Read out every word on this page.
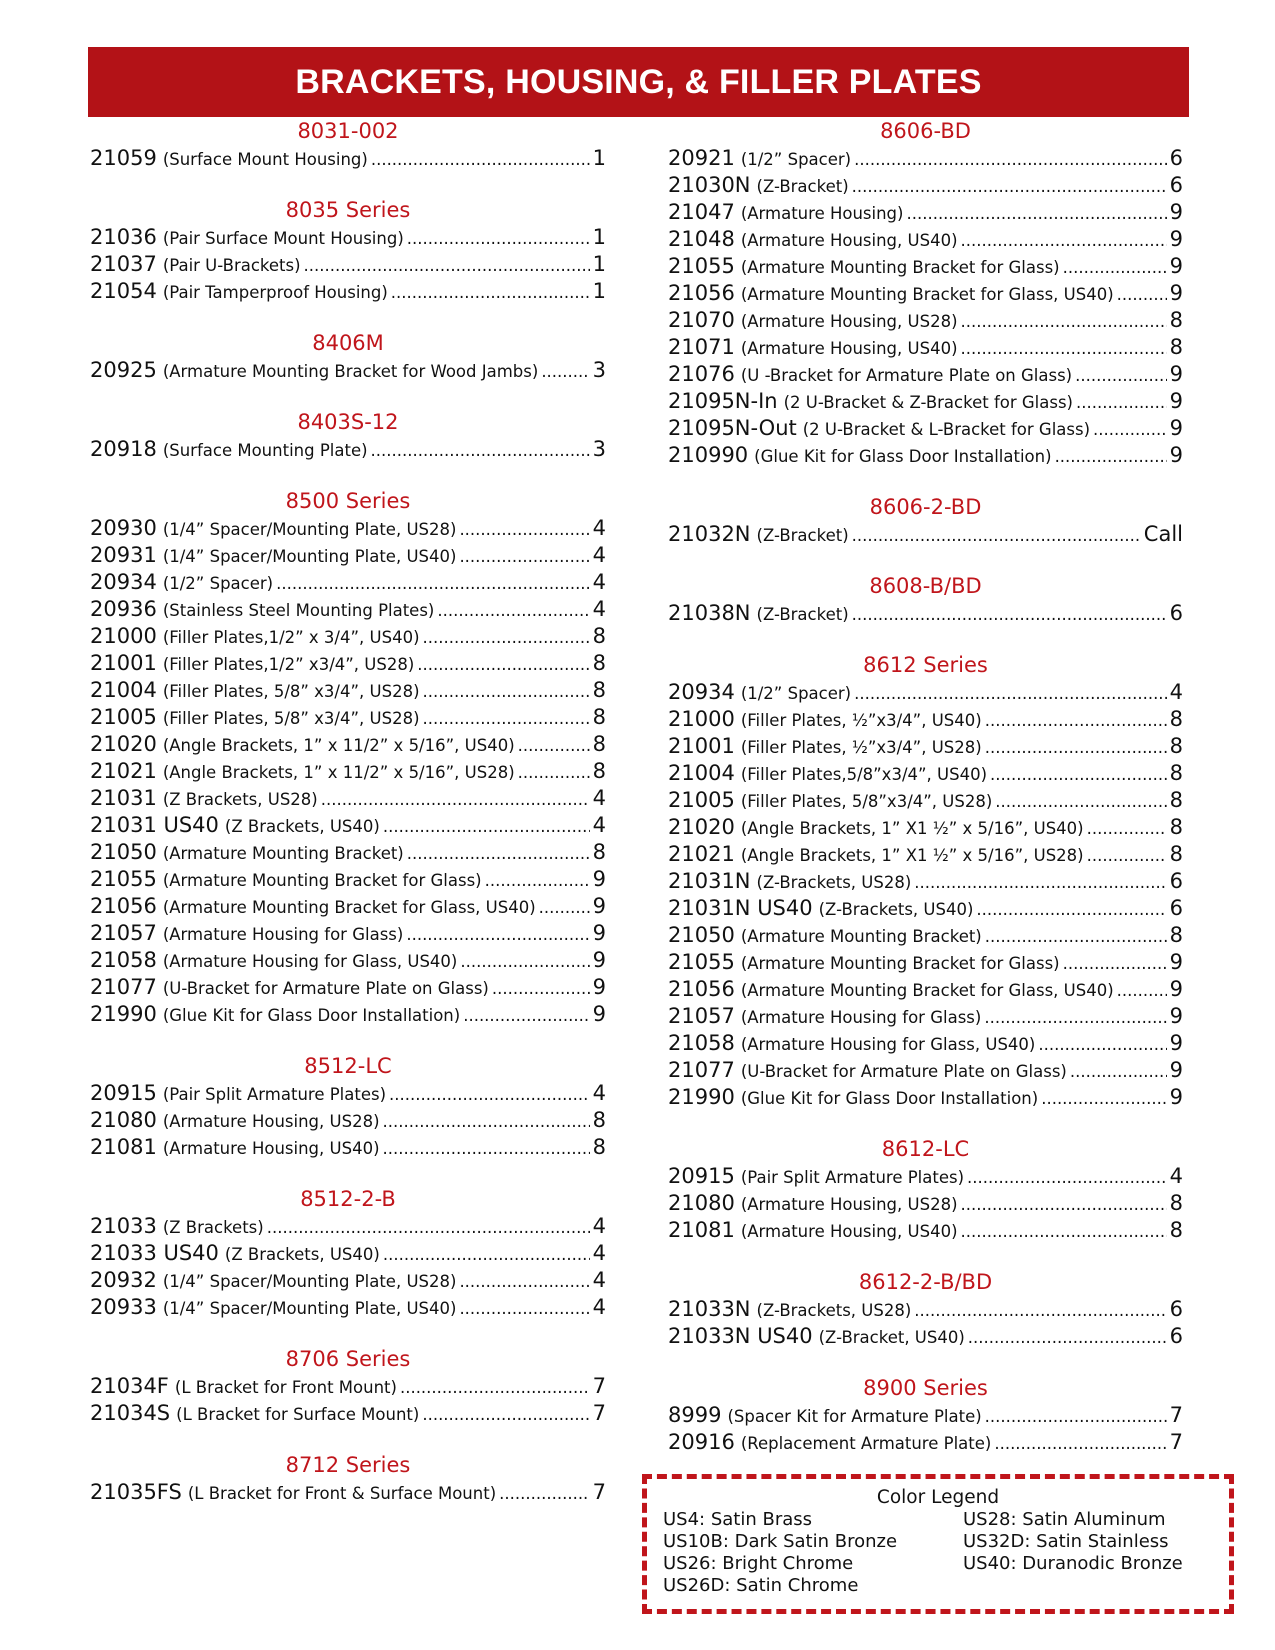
BRACKETS, HOUSING, & FILLER PLATES
8031-002
21059 (Surface Mount Housing) .....	1
8035 Series
21036 (Pair Surface Mount Housing) .....	1
21037 (Pair U-Brackets) .....	1
21054 (Pair Tamperproof Housing) .....	1
8406M
20925 (Armature Mounting Bracket for Wood Jambs) .....	3
8403S-12
20918 (Surface Mounting Plate) .....	3
8500 Series
20930 (1/4” Spacer/Mounting Plate, US28) .....	4
20931 (1/4” Spacer/Mounting Plate, US40) .....	4
20934 (1/2” Spacer) .....	4
20936 (Stainless Steel Mounting Plates) .....	4
21000 (Filler Plates,1/2” x 3/4”, US40) .....	8
21001 (Filler Plates,1/2” x3/4”, US28) .....	8
21004 (Filler Plates, 5/8” x3/4”, US28) .....	8
21005 (Filler Plates, 5/8” x3/4”, US28) .....	8
21020 (Angle Brackets, 1” x 11/2” x 5/16”, US40) .....	8
21021 (Angle Brackets, 1” x 11/2” x 5/16”, US28) .....	8
21031 (Z Brackets, US28) .....	4
21031 US40 (Z Brackets, US40) .....	4
21050 (Armature Mounting Bracket) .....	8
21055 (Armature Mounting Bracket for Glass) .....	9
21056 (Armature Mounting Bracket for Glass, US40) .....	9
21057 (Armature Housing for Glass) .....	9
21058 (Armature Housing for Glass, US40) .....	9
21077 (U-Bracket for Armature Plate on Glass) .....	9
21990 (Glue Kit for Glass Door Installation) .....	9
8512-LC
20915 (Pair Split Armature Plates) .....	4
21080 (Armature Housing, US28) .....	8
21081 (Armature Housing, US40) .....	8
8512-2-B
21033 (Z Brackets) .....	4
21033 US40 (Z Brackets, US40) .....	4
20932 (1/4” Spacer/Mounting Plate, US28) .....	4
20933 (1/4” Spacer/Mounting Plate, US40) .....	4
8706 Series
21034F (L Bracket for Front Mount) .....	7
21034S (L Bracket for Surface Mount) .....	7
8712 Series
21035FS (L Bracket for Front & Surface Mount) .....	7
8606-BD
20921 (1/2” Spacer) .....	6
21030N (Z-Bracket) .....	6
21047 (Armature Housing) .....	9
21048 (Armature Housing, US40) .....	9
21055 (Armature Mounting Bracket for Glass) .....	9
21056 (Armature Mounting Bracket for Glass, US40) .....	9
21070 (Armature Housing, US28) .....	8
21071 (Armature Housing, US40) .....	8
21076 (U -Bracket for Armature Plate on Glass) .....	9
21095N-In (2 U-Bracket & Z-Bracket for Glass) .....	9
21095N-Out (2 U-Bracket & L-Bracket for Glass) .....	9
210990 (Glue Kit for Glass Door Installation) .....	9
8606-2-BD
21032N (Z-Bracket) .....	Call
8608-B/BD
21038N (Z-Bracket) .....	6
8612 Series
20934 (1/2” Spacer) .....	4
21000 (Filler Plates, ½”x3/4”, US40) .....	8
21001 (Filler Plates, ½”x3/4”, US28) .....	8
21004 (Filler Plates,5/8”x3/4”, US40) .....	8
21005 (Filler Plates, 5/8”x3/4”, US28) .....	8
21020 (Angle Brackets, 1” X1 ½” x 5/16”, US40) .....	8
21021 (Angle Brackets, 1” X1 ½” x 5/16”, US28) .....	8
21031N (Z-Brackets, US28) .....	6
21031N US40 (Z-Brackets, US40) .....	6
21050 (Armature Mounting Bracket) .....	8
21055 (Armature Mounting Bracket for Glass) .....	9
21056 (Armature Mounting Bracket for Glass, US40) .....	9
21057 (Armature Housing for Glass) .....	9
21058 (Armature Housing for Glass, US40) .....	9
21077 (U-Bracket for Armature Plate on Glass) .....	9
21990 (Glue Kit for Glass Door Installation) .....	9
8612-LC
20915 (Pair Split Armature Plates) .....	4
21080 (Armature Housing, US28) .....	8
21081 (Armature Housing, US40) .....	8
8612-2-B/BD
21033N (Z-Brackets, US28) .....	6
21033N US40 (Z-Bracket, US40) .....	6
8900 Series
8999 (Spacer Kit for Armature Plate) .....	7
20916 (Replacement Armature Plate) .....	7
Color Legend
US4: Satin Brass	US28: Satin Aluminum
US10B: Dark Satin Bronze	US32D: Satin Stainless
US26: Bright Chrome	US40: Duranodic Bronze
US26D: Satin Chrome
